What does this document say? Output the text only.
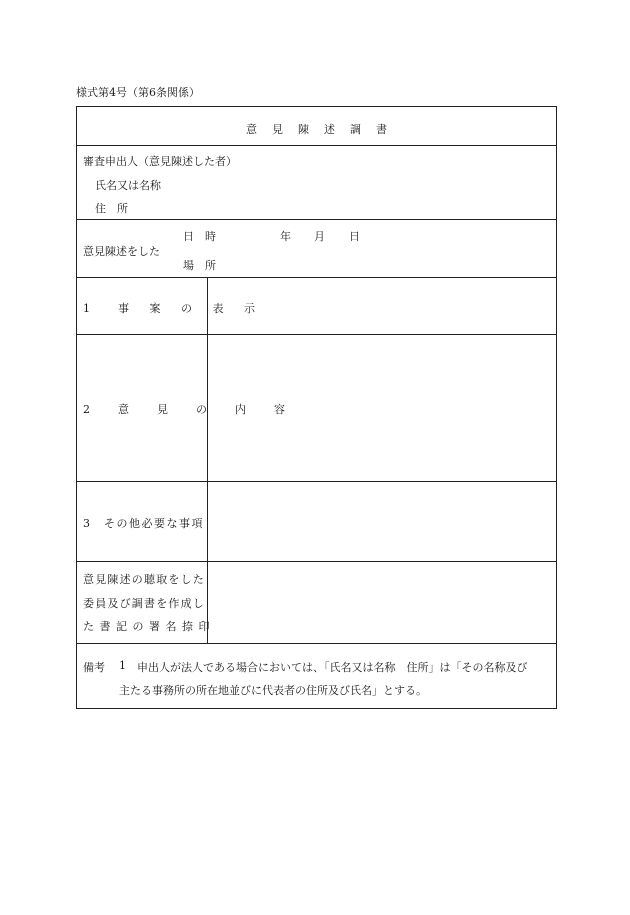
様式第4号（第6条関係）
意見陳述調書
審査申出人（意見陳述した者）
氏名又は名称
住　所
意見陳述をした
日　時	年 月 日
場　所
1　事 案 の 表 示
2　意　見　の　内　容
3　その他必要な事項
意見陳述の聴取をした
委員及び調書を作成し
た書記の署名捺印
備考 1 申出人が法人である場合においては、「氏名又は名称　住所」は「その名称及び
主たる事務所の所在地並びに代表者の住所及び氏名」とする。
